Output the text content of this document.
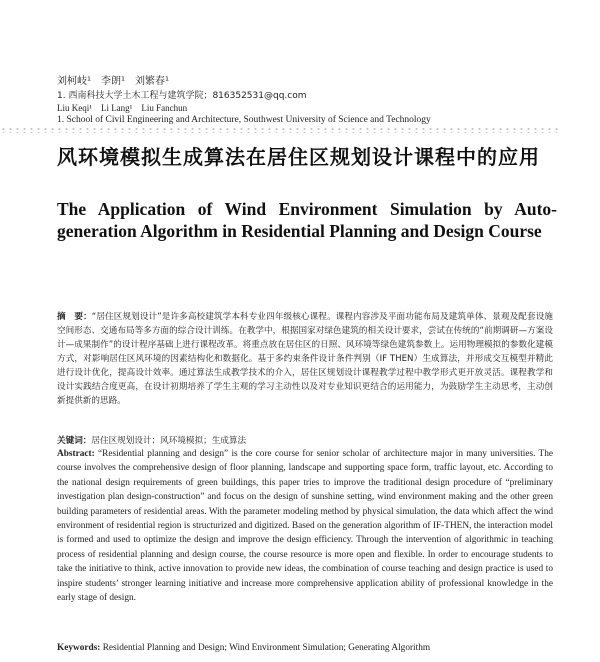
刘柯岐¹　李朗¹　刘繁春¹
1. 西南科技大学土木工程与建筑学院；816352531@qq.com
Liu Keqi¹　Li Lang¹　Liu Fanchun
1. School of Civil Engineering and Architecture, Southwest University of Science and Technology
风环境模拟生成算法在居住区规划设计课程中的应用
The Application of Wind Environment Simulation by Auto-generation Algorithm in Residential Planning and Design Course
摘　要：“居住区规划设计”是许多高校建筑学本科专业四年级核心课程。课程内容涉及平面功能布局及建筑单体、景观及配套设施空间形态、交通布局等多方面的综合设计训练。在教学中，根据国家对绿色建筑的相关设计要求，尝试在传统的“前期调研—方案设计—成果制作”的设计程序基础上进行课程改革。将重点放在居住区的日照、风环境等绿色建筑参数上。运用物理模拟的参数化建模方式，对影响居住区风环境的因素结构化和数据化。基于多约束条件设计条件判别（IF THEN）生成算法，并形成交互模型并精此进行设计优化，提高设计效率。通过算法生成教学技术的介入，居住区规划设计课程教学过程中教学形式更开放灵活。课程教学和设计实践结合度更高，在设计初期培养了学生主观的学习主动性以及对专业知识更结合的运用能力，为鼓励学生主动思考，主动创新提供新的思路。
关键词：居住区规划设计；风环境模拟；生成算法
Abstract: “Residential planning and design” is the core course for senior scholar of architecture major in many universities. The course involves the comprehensive design of floor planning, landscape and supporting space form, traffic layout, etc. According to the national design requirements of green buildings, this paper tries to improve the traditional design procedure of “preliminary investigation plan design-construction” and focus on the design of sunshine setting, wind environment making and the other green building parameters of residential areas. With the parameter modeling method by physical simulation, the data which affect the wind environment of residential region is structurized and digitized. Based on the generation algorithm of IF-THEN, the interaction model is formed and used to optimize the design and improve the design efficiency. Through the intervention of algorithmic in teaching process of residential planning and design course, the course resource is more open and flexible. In order to encourage students to take the initiative to think, active innovation to provide new ideas, the combination of course teaching and design practice is used to inspire students’ stronger learning initiative and increase more comprehensive application ability of professional knowledge in the early stage of design.
Keywords: Residential Planning and Design; Wind Environment Simulation; Generating Algorithm
